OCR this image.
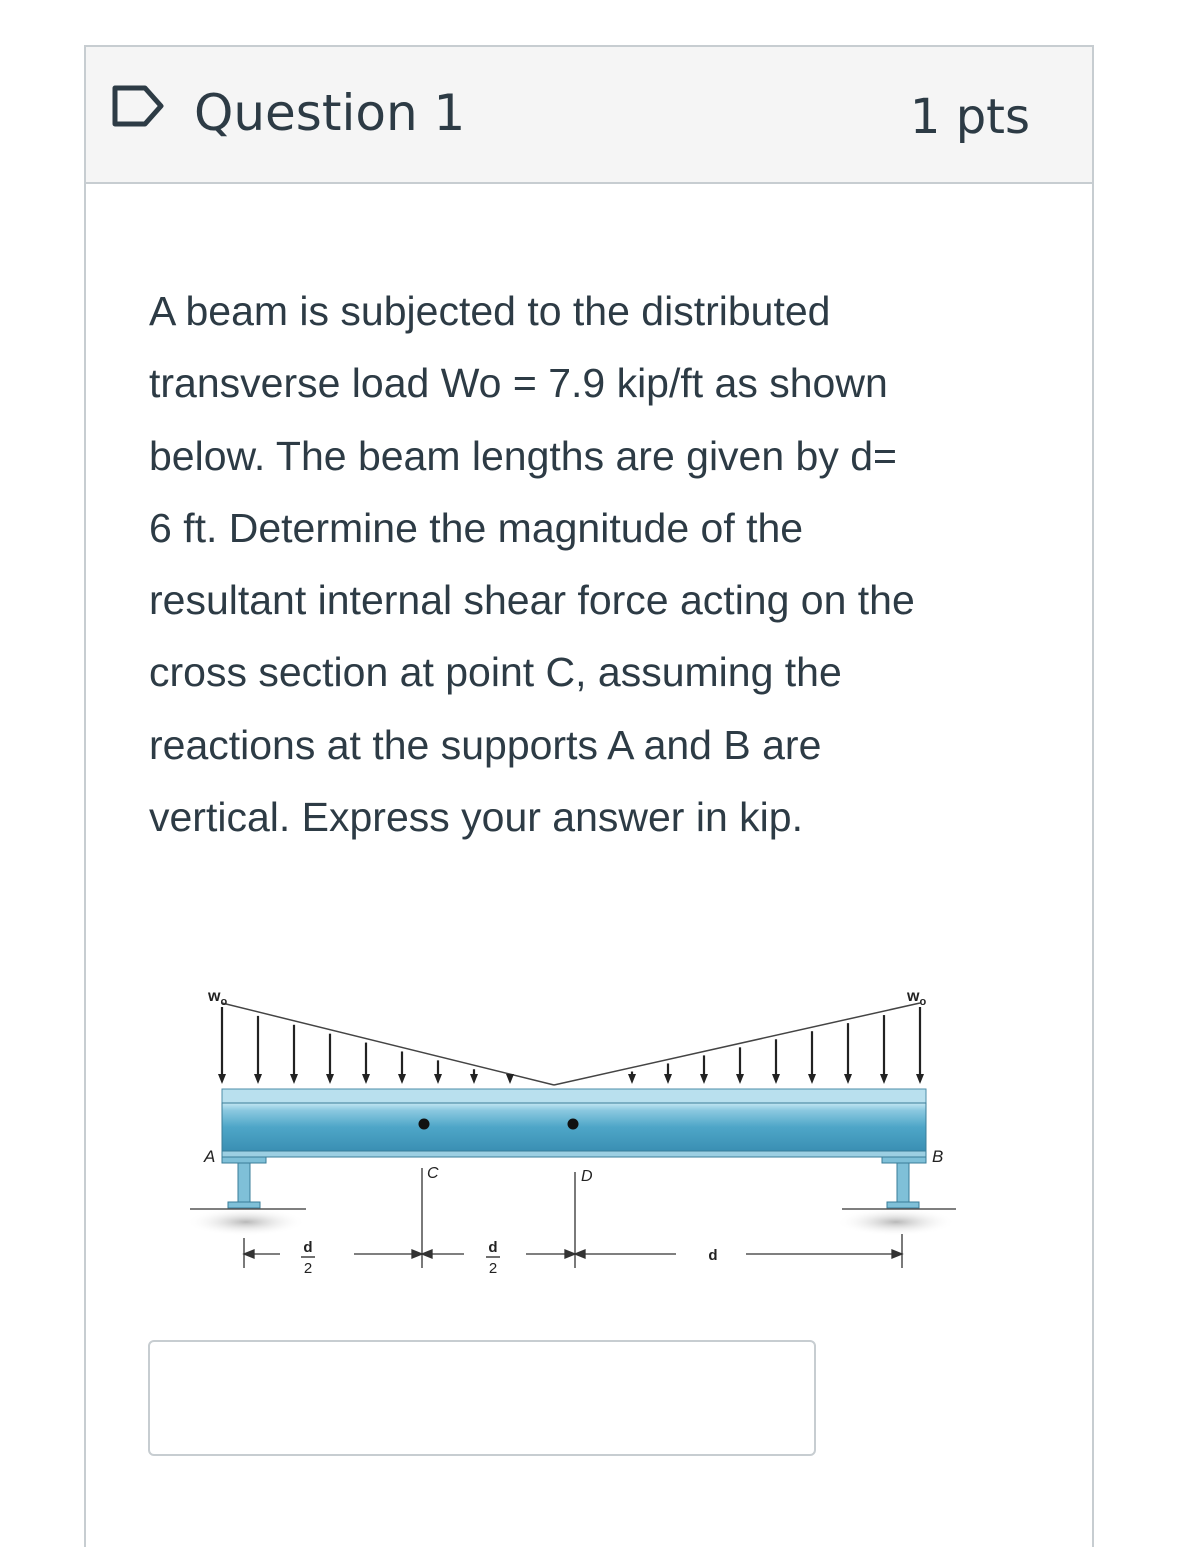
Question 1	1 pts
A beam is subjected to the distributed
transverse load Wo = 7.9 kip/ft as shown
below. The beam lengths are given by d=
6 ft. Determine the magnitude of the
resultant internal shear force acting on the
cross section at point C, assuming the
reactions at the supports A and B are
vertical. Express your answer in kip.
$w_o$	$w_o$
A	B
C	D
d
2
d
2
d
